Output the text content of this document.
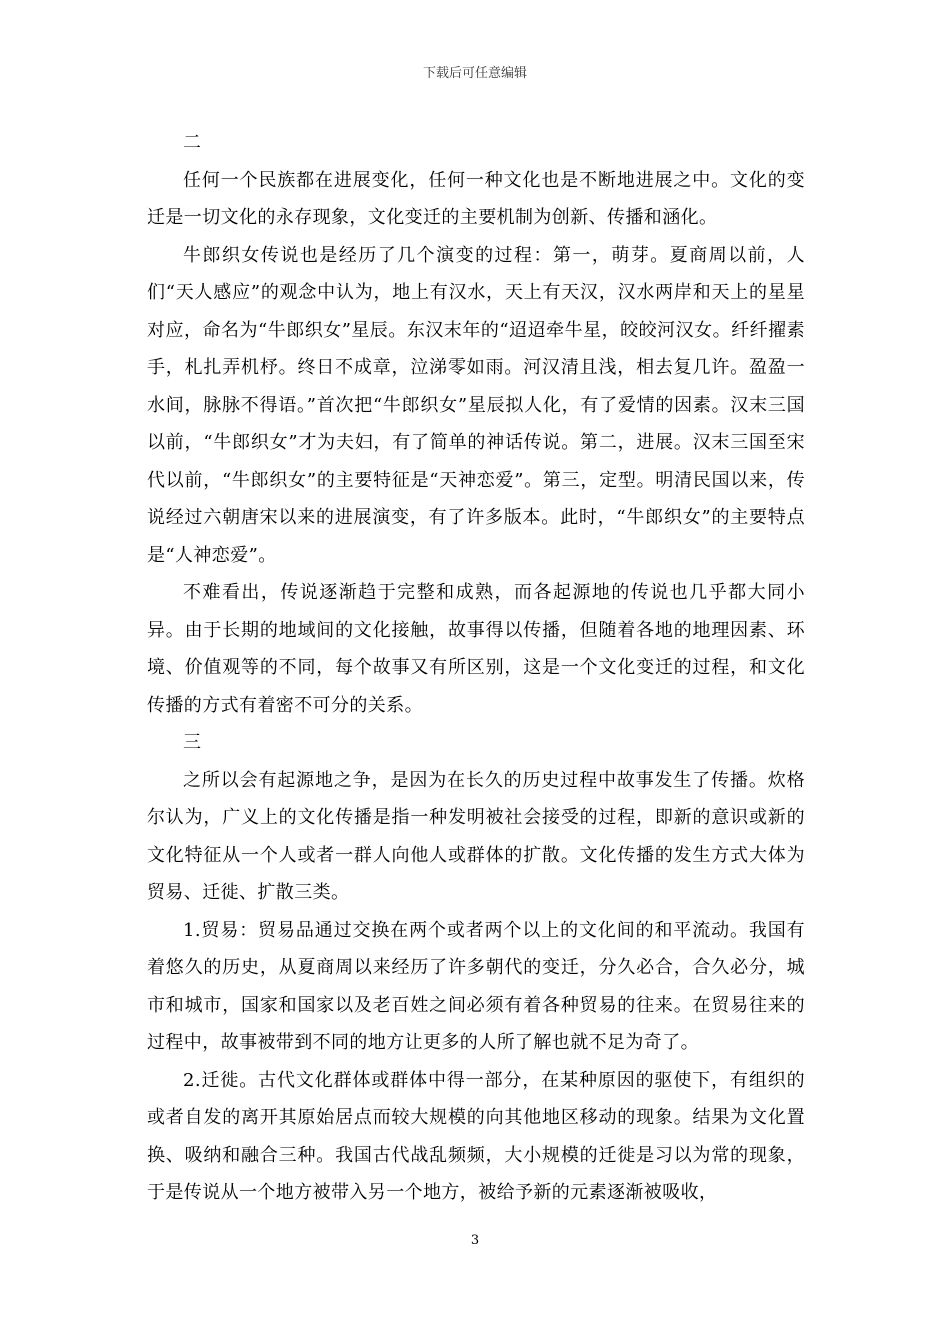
下载后可任意编辑

二

任何一个民族都在进展变化，任何一种文化也是不断地进展之中。文化的变迁是一切文化的永存现象，文化变迁的主要机制为创新、传播和涵化。

牛郎织女传说也是经历了几个演变的过程：第一，萌芽。夏商周以前，人们“天人感应”的观念中认为，地上有汉水，天上有天汉，汉水两岸和天上的星星对应，命名为“牛郎织女”星辰。东汉末年的“迢迢牵牛星，皎皎河汉女。纤纤擢素手，札扎弄机杼。终日不成章，泣涕零如雨。河汉清且浅，相去复几许。盈盈一水间，脉脉不得语。”首次把“牛郎织女”星辰拟人化，有了爱情的因素。汉末三国以前，“牛郎织女”才为夫妇，有了简单的神话传说。第二，进展。汉末三国至宋代以前，“牛郎织女”的主要特征是“天神恋爱”。第三，定型。明清民国以来，传说经过六朝唐宋以来的进展演变，有了许多版本。此时，“牛郎织女”的主要特点是“人神恋爱”。

不难看出，传说逐渐趋于完整和成熟，而各起源地的传说也几乎都大同小异。由于长期的地域间的文化接触，故事得以传播，但随着各地的地理因素、环境、价值观等的不同，每个故事又有所区别，这是一个文化变迁的过程，和文化传播的方式有着密不可分的关系。

三

之所以会有起源地之争，是因为在长久的历史过程中故事发生了传播。炊格尔认为，广义上的文化传播是指一种发明被社会接受的过程，即新的意识或新的文化特征从一个人或者一群人向他人或群体的扩散。文化传播的发生方式大体为贸易、迁徙、扩散三类。

1.贸易：贸易品通过交换在两个或者两个以上的文化间的和平流动。我国有着悠久的历史，从夏商周以来经历了许多朝代的变迁，分久必合，合久必分，城市和城市，国家和国家以及老百姓之间必须有着各种贸易的往来。在贸易往来的过程中，故事被带到不同的地方让更多的人所了解也就不足为奇了。

2.迁徙。古代文化群体或群体中得一部分，在某种原因的驱使下，有组织的或者自发的离开其原始居点而较大规模的向其他地区移动的现象。结果为文化置换、吸纳和融合三种。我国古代战乱频频，大小规模的迁徙是习以为常的现象，于是传说从一个地方被带入另一个地方，被给予新的元素逐渐被吸收，

3
